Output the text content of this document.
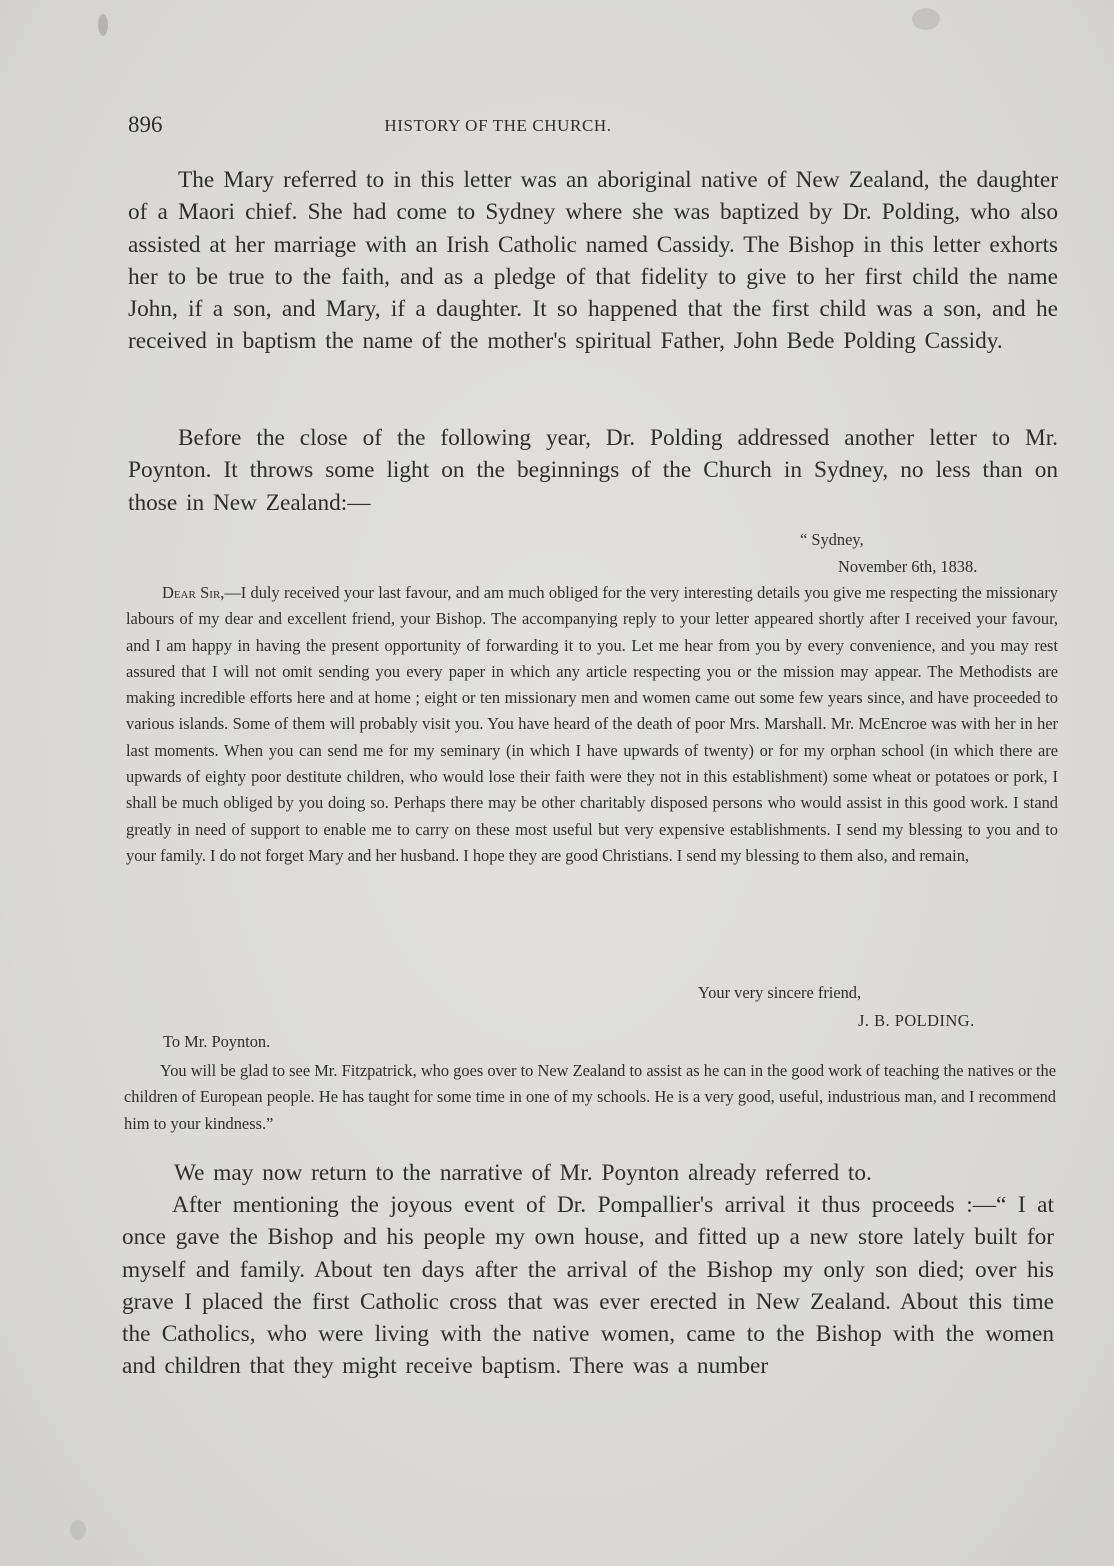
896	HISTORY OF THE CHURCH.

The Mary referred to in this letter was an aboriginal native of New Zealand, the daughter of a Maori chief. She had come to Sydney where she was baptized by Dr. Polding, who also assisted at her marriage with an Irish Catholic named Cassidy. The Bishop in this letter exhorts her to be true to the faith, and as a pledge of that fidelity to give to her first child the name John, if a son, and Mary, if a daughter. It so happened that the first child was a son, and he received in baptism the name of the mother's spiritual Father, John Bede Polding Cassidy.

Before the close of the following year, Dr. Polding addressed another letter to Mr. Poynton. It throws some light on the beginnings of the Church in Sydney, no less than on those in New Zealand:—

“ Sydney,
November 6th, 1838.

Dear Sir,—I duly received your last favour, and am much obliged for the very interesting details you give me respecting the missionary labours of my dear and excellent friend, your Bishop. The accompanying reply to your letter appeared shortly after I received your favour, and I am happy in having the present opportunity of forwarding it to you. Let me hear from you by every convenience, and you may rest assured that I will not omit sending you every paper in which any article respecting you or the mission may appear. The Methodists are making incredible efforts here and at home ; eight or ten missionary men and women came out some few years since, and have proceeded to various islands. Some of them will probably visit you. You have heard of the death of poor Mrs. Marshall. Mr. McEncroe was with her in her last moments. When you can send me for my seminary (in which I have upwards of twenty) or for my orphan school (in which there are upwards of eighty poor destitute children, who would lose their faith were they not in this establishment) some wheat or potatoes or pork, I shall be much obliged by you doing so. Perhaps there may be other charitably disposed persons who would assist in this good work. I stand greatly in need of support to enable me to carry on these most useful but very expensive establishments. I send my blessing to you and to your family. I do not forget Mary and her husband. I hope they are good Christians. I send my blessing to them also, and remain,

Your very sincere friend,
J. B. POLDING.
To Mr. Poynton.

You will be glad to see Mr. Fitzpatrick, who goes over to New Zealand to assist as he can in the good work of teaching the natives or the children of European people. He has taught for some time in one of my schools. He is a very good, useful, industrious man, and I recommend him to your kindness.”

We may now return to the narrative of Mr. Poynton already referred to.

After mentioning the joyous event of Dr. Pompallier's arrival it thus proceeds :—“ I at once gave the Bishop and his people my own house, and fitted up a new store lately built for myself and family. About ten days after the arrival of the Bishop my only son died; over his grave I placed the first Catholic cross that was ever erected in New Zealand. About this time the Catholics, who were living with the native women, came to the Bishop with the women and children that they might receive baptism. There was a number
